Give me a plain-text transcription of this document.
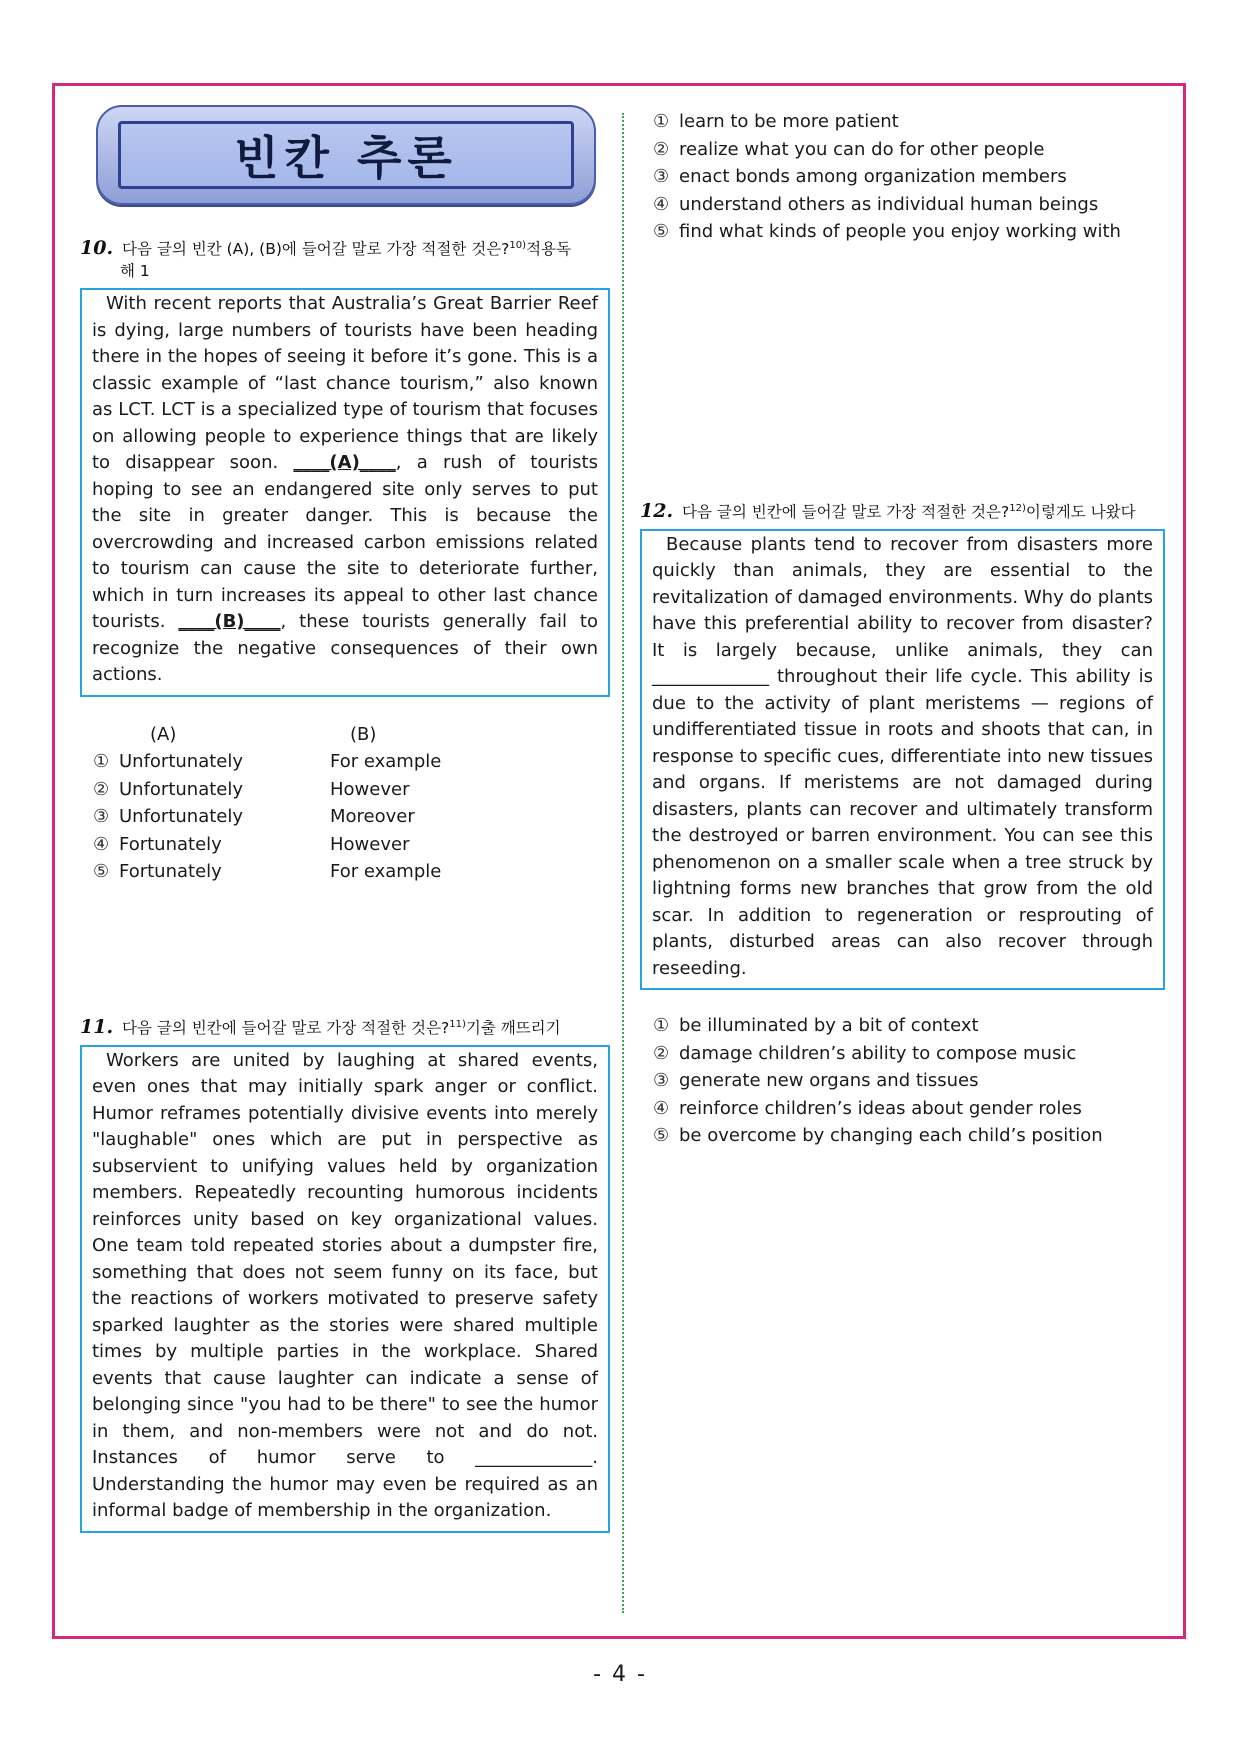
빈칸 추론
10. 다음 글의 빈칸 (A), (B)에 들어갈 말로 가장 적절한 것은?$^{10)}$적용독
해 1

With recent reports that Australia’s Great Barrier Reef is dying, large numbers of tourists have been heading there in the hopes of seeing it before it’s gone. This is a classic example of “last chance tourism,” also known as LCT. LCT is a specialized type of tourism that focuses on allowing people to experience things that are likely to disappear soon. ____(A)____, a rush of tourists hoping to see an endangered site only serves to put the site in greater danger. This is because the overcrowding and increased carbon emissions related to tourism can cause the site to deteriorate further, which in turn increases its appeal to other last chance tourists. ____(B)____, these tourists generally fail to recognize the negative consequences of their own actions.

(A)	(B)
① Unfortunately	For example
② Unfortunately	However
③ Unfortunately	Moreover
④ Fortunately	However
⑤ Fortunately	For example
11. 다음 글의 빈칸에 들어갈 말로 가장 적절한 것은?$^{11)}$기출 깨뜨리기

Workers are united by laughing at shared events, even ones that may initially spark anger or conflict. Humor reframes potentially divisive events into merely "laughable" ones which are put in perspective as subservient to unifying values held by organization members. Repeatedly recounting humorous incidents reinforces unity based on key organizational values. One team told repeated stories about a dumpster fire, something that does not seem funny on its face, but the reactions of workers motivated to preserve safety sparked laughter as the stories were shared multiple times by multiple parties in the workplace. Shared events that cause laughter can indicate a sense of belonging since "you had to be there" to see the humor in them, and non-members were not and do not. Instances of humor serve to _____________. Understanding the humor may even be required as an informal badge of membership in the organization.

① learn to be more patient
② realize what you can do for other people
③ enact bonds among organization members
④ understand others as individual human beings
⑤ find what kinds of people you enjoy working with
12. 다음 글의 빈칸에 들어갈 말로 가장 적절한 것은?$^{12)}$이렇게도 나왔다

Because plants tend to recover from disasters more quickly than animals, they are essential to the revitalization of damaged environments. Why do plants have this preferential ability to recover from disaster? It is largely because, unlike animals, they can _____________ throughout their life cycle. This ability is due to the activity of plant meristems — regions of undifferentiated tissue in roots and shoots that can, in response to specific cues, differentiate into new tissues and organs. If meristems are not damaged during disasters, plants can recover and ultimately transform the destroyed or barren environment. You can see this phenomenon on a smaller scale when a tree struck by lightning forms new branches that grow from the old scar. In addition to regeneration or resprouting of plants, disturbed areas can also recover through reseeding.

① be illuminated by a bit of context
② damage children’s ability to compose music
③ generate new organs and tissues
④ reinforce children’s ideas about gender roles
⑤ be overcome by changing each child’s position
- 4 -
